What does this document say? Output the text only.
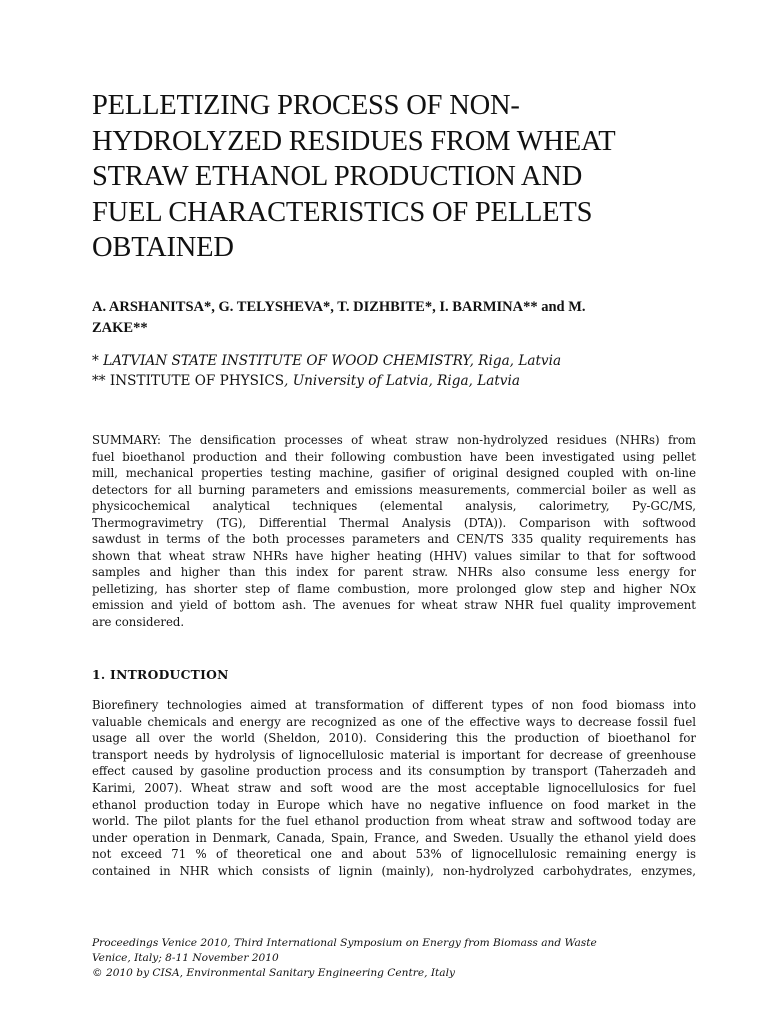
PELLETIZING PROCESS OF NON-
HYDROLYZED RESIDUES FROM WHEAT
STRAW ETHANOL PRODUCTION AND
FUEL CHARACTERISTICS OF PELLETS
OBTAINED

A. ARSHANITSA*, G. TELYSHEVA*, T. DIZHBITE*, I. BARMINA** and M.
ZAKE**

* LATVIAN STATE INSTITUTE OF WOOD CHEMISTRY, Riga, Latvia

** INSTITUTE OF PHYSICS, University of Latvia, Riga, Latvia

SUMMARY: The densification processes of wheat straw non-hydrolyzed residues (NHRs) from
fuel bioethanol production and their following combustion have been investigated using pellet
mill, mechanical properties testing machine, gasifier of original designed coupled with on-line
detectors for all burning parameters and emissions measurements, commercial boiler as well as
physicochemical analytical techniques (elemental analysis, calorimetry, Py-GC/MS,
Thermogravimetry (TG), Differential Thermal Analysis (DTA)). Comparison with softwood
sawdust in terms of the both processes parameters and CEN/TS 335 quality requirements has
shown that wheat straw NHRs have higher heating (HHV) values similar to that for softwood
samples and higher than this index for parent straw. NHRs also consume less energy for
pelletizing, has shorter step of flame combustion, more prolonged glow step and higher NOx
emission and yield of bottom ash. The avenues for wheat straw NHR fuel quality improvement
are considered.
1. INTRODUCTION
Biorefinery technologies aimed at transformation of different types of non food biomass into
valuable chemicals and energy are recognized as one of the effective ways to decrease fossil fuel
usage all over the world (Sheldon, 2010). Considering this the production of bioethanol for
transport needs by hydrolysis of lignocellulosic material is important for decrease of greenhouse
effect caused by gasoline production process and its consumption by transport (Taherzadeh and
Karimi, 2007). Wheat straw and soft wood are the most acceptable lignocellulosics for fuel
ethanol production today in Europe which have no negative influence on food market in the
world. The pilot plants for the fuel ethanol production from wheat straw and softwood today are
under operation in Denmark, Canada, Spain, France, and Sweden. Usually the ethanol yield does
not exceed 71 % of theoretical one and about 53% of lignocellulosic remaining energy is
contained in NHR which consists of lignin (mainly), non-hydrolyzed carbohydrates, enzymes,
Proceedings Venice 2010, Third International Symposium on Energy from Biomass and Waste
Venice, Italy; 8-11 November 2010
© 2010 by CISA, Environmental Sanitary Engineering Centre, Italy
